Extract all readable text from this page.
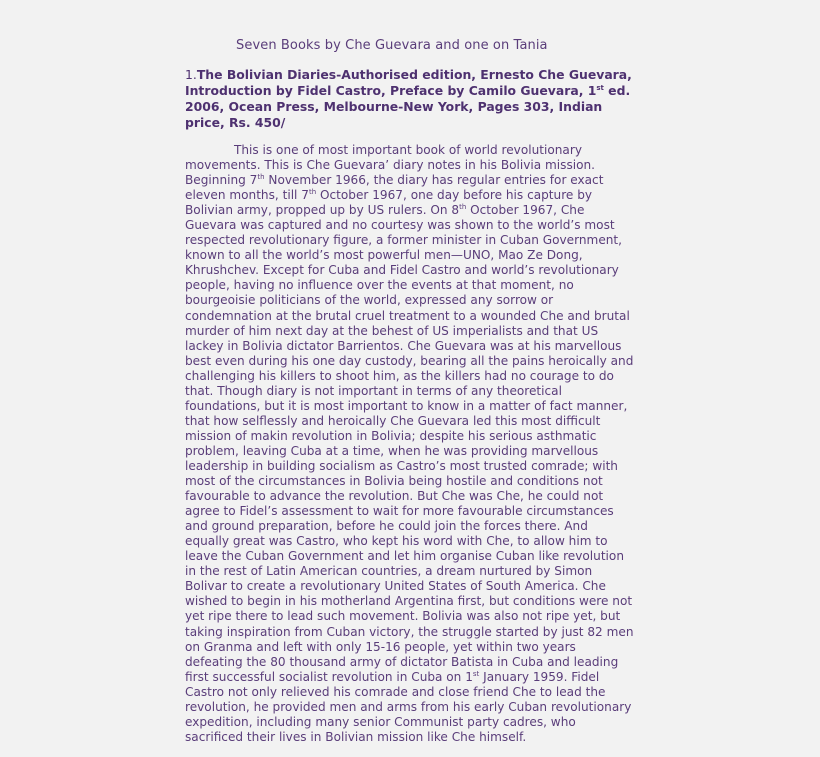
Seven Books by Che Guevara and one on Tania
1.The Bolivian Diaries-Authorised edition, Ernesto Che Guevara, Introduction by Fidel Castro, Preface by Camilo Guevara, 1st ed. 2006, Ocean Press, Melbourne-New York, Pages 303, Indian price, Rs. 450/

This is one of most important book of world revolutionary movements. This is Che Guevara’ diary notes in his Bolivia mission. Beginning 7th November 1966, the diary has regular entries for exact eleven months, till 7th October 1967, one day before his capture by Bolivian army, propped up by US rulers. On 8th October 1967, Che Guevara was captured and no courtesy was shown to the world’s most respected revolutionary figure, a former minister in Cuban Government, known to all the world’s most powerful men—UNO, Mao Ze Dong, Khrushchev. Except for Cuba and Fidel Castro and world’s revolutionary people, having no influence over the events at that moment, no bourgeoisie politicians of the world, expressed any sorrow or condemnation at the brutal cruel treatment to a wounded Che and brutal murder of him next day at the behest of US imperialists and that US lackey in Bolivia dictator Barrientos. Che Guevara was at his marvellous best even during his one day custody, bearing all the pains heroically and challenging his killers to shoot him, as the killers had no courage to do that. Though diary is not important in terms of any theoretical foundations, but it is most important to know in a matter of fact manner, that how selflessly and heroically Che Guevara led this most difficult mission of makin revolution in Bolivia; despite his serious asthmatic problem, leaving Cuba at a time, when he was providing marvellous leadership in building socialism as Castro’s most trusted comrade; with most of the circumstances in Bolivia being hostile and conditions not favourable to advance the revolution. But Che was Che, he could not agree to Fidel’s assessment to wait for more favourable circumstances and ground preparation, before he could join the forces there. And equally great was Castro, who kept his word with Che, to allow him to leave the Cuban Government and let him organise Cuban like revolution in the rest of Latin American countries, a dream nurtured by Simon Bolivar to create a revolutionary United States of South America. Che wished to begin in his motherland Argentina first, but conditions were not yet ripe there to lead such movement. Bolivia was also not ripe yet, but taking inspiration from Cuban victory, the struggle started by just 82 men on Granma and left with only 15-16 people, yet within two years defeating the 80 thousand army of dictator Batista in Cuba and leading first successful socialist revolution in Cuba on 1st January 1959. Fidel Castro not only relieved his comrade and close friend Che to lead the revolution, he provided men and arms from his early Cuban revolutionary expedition, including many senior Communist party cadres, who sacrificed their lives in Bolivian mission like Che himself.
